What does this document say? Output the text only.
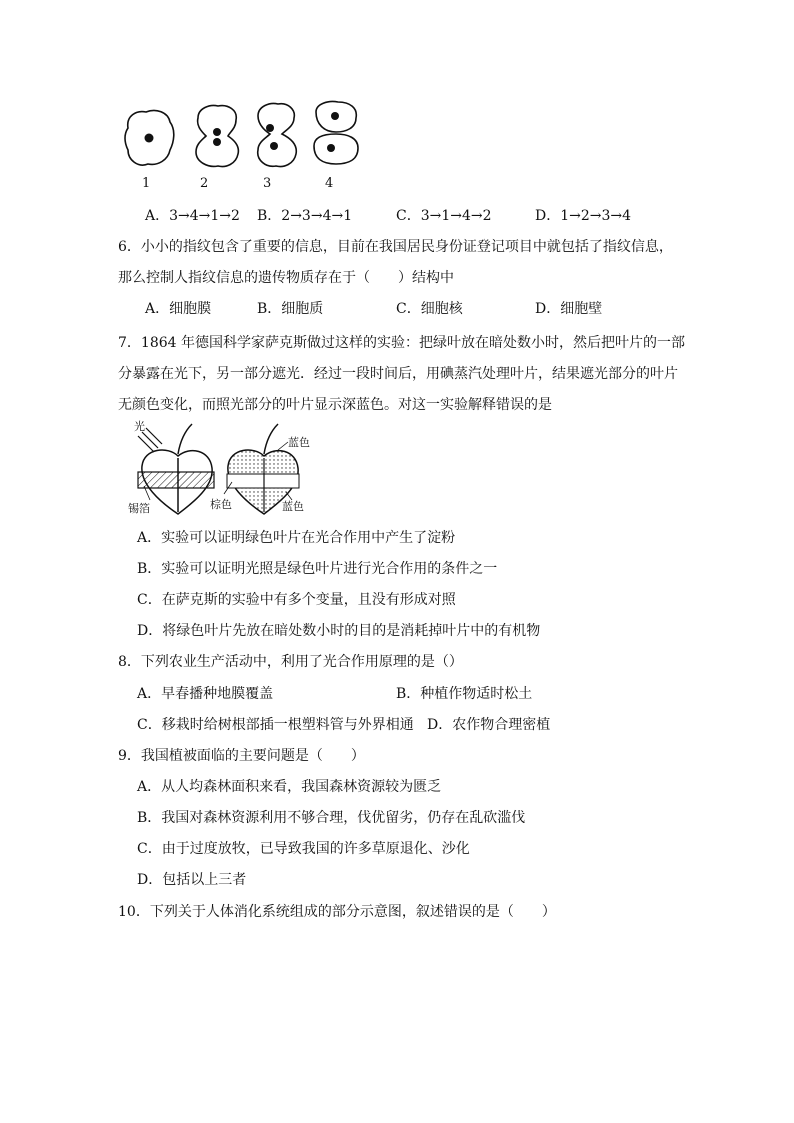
1	2	3	4
A．3→4→1→2 B．2→3→4→1	C．3→1→4→2	D．1→2→3→4
6．小小的指纹包含了重要的信息，目前在我国居民身份证登记项目中就包括了指纹信息，
那么控制人指纹信息的遗传物质存在于（　　）结构中
A．细胞膜	B．细胞质	C．细胞核	D．细胞壁
7．1864 年德国科学家萨克斯做过这样的实验：把绿叶放在暗处数小时，然后把叶片的一部
分暴露在光下，另一部分遮光．经过一段时间后，用碘蒸汽处理叶片，结果遮光部分的叶片
无颜色变化，而照光部分的叶片显示深蓝色。对这一实验解释错误的是
光
锡箔
蓝色
棕色	蓝色
A．实验可以证明绿色叶片在光合作用中产生了淀粉
B．实验可以证明光照是绿色叶片进行光合作用的条件之一
C．在萨克斯的实验中有多个变量，且没有形成对照
D．将绿色叶片先放在暗处数小时的目的是消耗掉叶片中的有机物
8．下列农业生产活动中，利用了光合作用原理的是（）
A．早春播种地膜覆盖	B．种植作物适时松土
C．移栽时给树根部插一根塑料管与外界相通 D．农作物合理密植
9．我国植被面临的主要问题是（　　）
A．从人均森林面积来看，我国森林资源较为匮乏
B．我国对森林资源利用不够合理，伐优留劣，仍存在乱砍滥伐
C．由于过度放牧，已导致我国的许多草原退化、沙化
D．包括以上三者
10．下列关于人体消化系统组成的部分示意图，叙述错误的是（　　）
